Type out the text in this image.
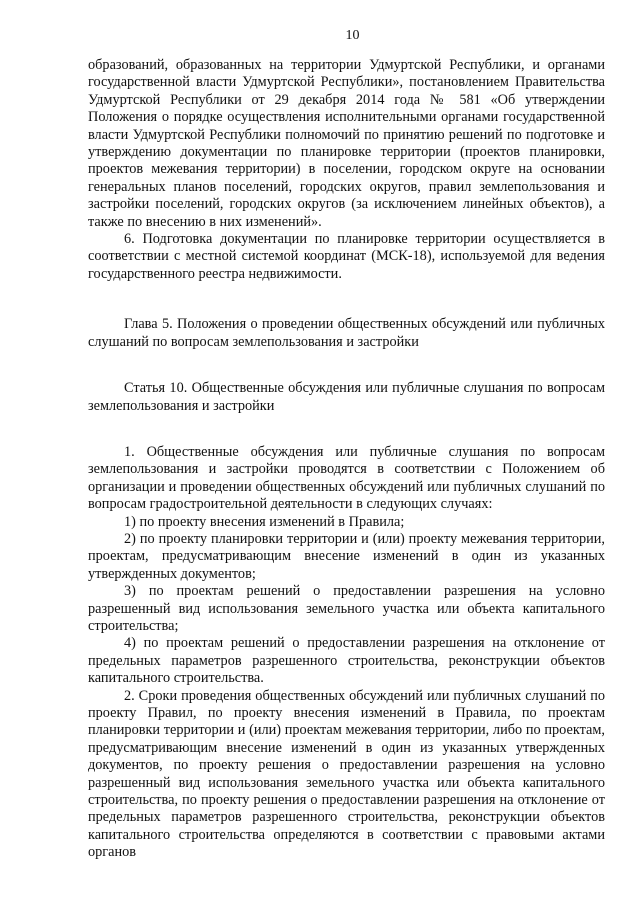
10

образований, образованных на территории Удмуртской Республики, и органами государственной власти Удмуртской Республики», постановлением Правительства Удмуртской Республики от 29 декабря 2014 года № 581 «Об утверждении Положения о порядке осуществления исполнительными органами государственной власти Удмуртской Республики полномочий по принятию решений по подготовке и утверждению документации по планировке территории (проектов планировки, проектов межевания территории) в поселении, городском округе на основании генеральных планов поселений, городских округов, правил землепользования и застройки поселений, городских округов (за исключением линейных объектов), а также по внесению в них изменений».

6. Подготовка документации по планировке территории осуществляется в соответствии с местной системой координат (МСК-18), используемой для ведения государственного реестра недвижимости.

Глава 5. Положения о проведении общественных обсуждений или публичных слушаний по вопросам землепользования и застройки

Статья 10. Общественные обсуждения или публичные слушания по вопросам землепользования и застройки

1. Общественные обсуждения или публичные слушания по вопросам землепользования и застройки проводятся в соответствии с Положением об организации и проведении общественных обсуждений или публичных слушаний по вопросам градостроительной деятельности в следующих случаях:

1) по проекту внесения изменений в Правила;

2) по проекту планировки территории и (или) проекту межевания территории, проектам, предусматривающим внесение изменений в один из указанных утвержденных документов;

3) по проектам решений о предоставлении разрешения на условно разрешенный вид использования земельного участка или объекта капитального строительства;

4) по проектам решений о предоставлении разрешения на отклонение от предельных параметров разрешенного строительства, реконструкции объектов капитального строительства.

2. Сроки проведения общественных обсуждений или публичных слушаний по проекту Правил, по проекту внесения изменений в Правила, по проектам планировки территории и (или) проектам межевания территории, либо по проектам, предусматривающим внесение изменений в один из указанных утвержденных документов, по проекту решения о предоставлении разрешения на условно разрешенный вид использования земельного участка или объекта капитального строительства, по проекту решения о предоставлении разрешения на отклонение от предельных параметров разрешенного строительства, реконструкции объектов капитального строительства определяются в соответствии с правовыми актами органов
